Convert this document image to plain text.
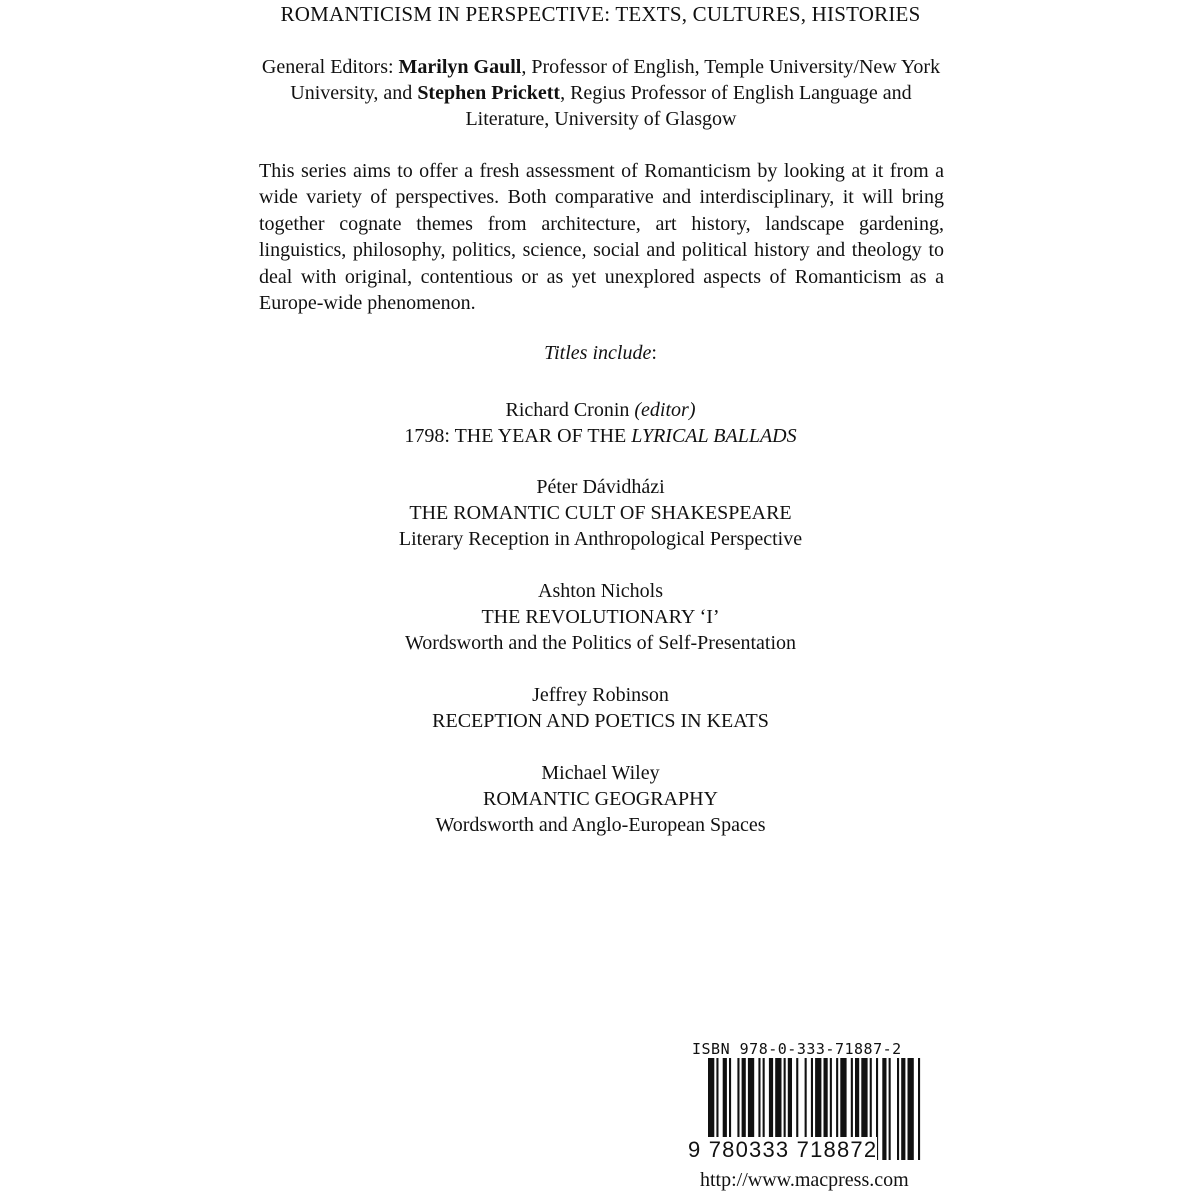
ROMANTICISM IN PERSPECTIVE: TEXTS, CULTURES, HISTORIES
General Editors: Marilyn Gaull, Professor of English, Temple University/New York University, and Stephen Prickett, Regius Professor of English Language and Literature, University of Glasgow
This series aims to offer a fresh assessment of Romanticism by looking at it from a wide variety of perspectives. Both comparative and interdisciplinary, it will bring together cognate themes from architecture, art history, landscape gardening, linguistics, philosophy, politics, science, social and political history and theology to deal with original, contentious or as yet unexplored aspects of Romanticism as a Europe-wide phenomenon.
Titles include:
Richard Cronin (editor)
1798: THE YEAR OF THE LYRICAL BALLADS
Péter Dávidházi
THE ROMANTIC CULT OF SHAKESPEARE
Literary Reception in Anthropological Perspective
Ashton Nichols
THE REVOLUTIONARY ‘I’
Wordsworth and the Politics of Self-Presentation
Jeffrey Robinson
RECEPTION AND POETICS IN KEATS
Michael Wiley
ROMANTIC GEOGRAPHY
Wordsworth and Anglo-European Spaces
ISBN 978-0-333-71887-2
9 780333 718872
http://www.macpress.com
